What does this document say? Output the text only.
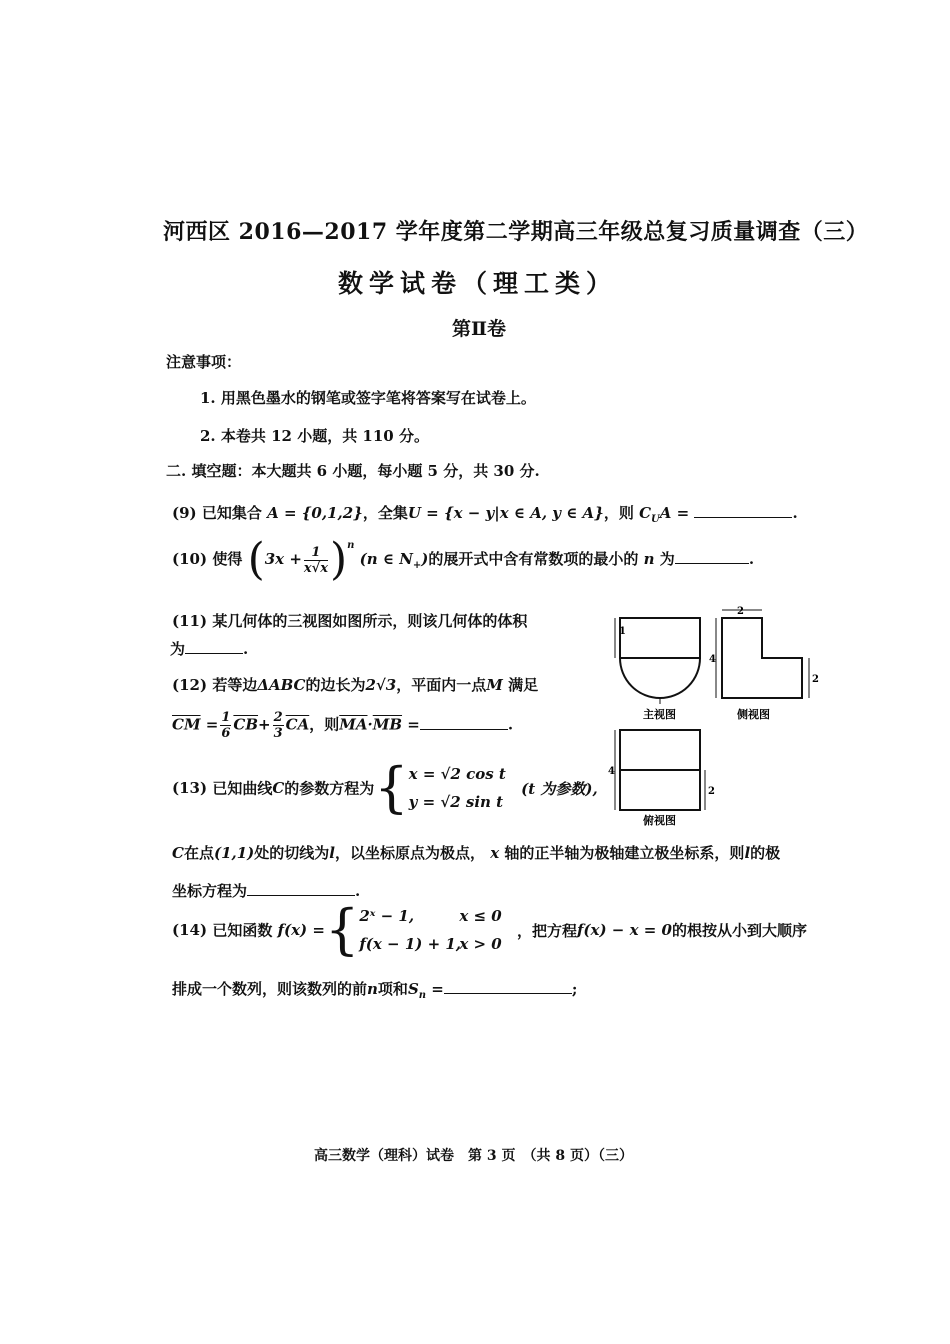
河西区 2016—2017 学年度第二学期高三年级总复习质量调查（三）
数学试卷（理工类）
第Ⅱ卷
注意事项：
1. 用黑色墨水的钢笔或签字笔将答案写在试卷上。
2. 本卷共 12 小题，共 110 分。
二. 填空题：本大题共 6 小题，每小题 5 分，共 30 分.
(9) 已知集合 A = {0,1,2}，全集U = {x − y|x ∈ A, y ∈ A}，则 $C_UA$ =	.
(10) 使得 $(3x + \frac{1}{x√x} )^n$ (n ∈ $N_+$)的展开式中含有常数项的最小的 n 为	.
(11) 某几何体的三视图如图所示，则该几何体的体积
为	.
(12) 若等边ΔABC的边长为2√3，平面内一点M 满足
$\overline{CM} = \frac{1}{6} \overline{CB}+ \frac{2}{3} \overline{CA}$，则$\overline{MA}\cdot\overline{MB}$ =	.
(13) 已知曲线C的参数方程为{ x = √2 cos t
y = √2 sin t
(t 为参数),
C在点(1,1)处的切线为l，以坐标原点为极点， x 轴的正半轴为极轴建立极坐标系，则l的极
坐标方程为	.
(14) 已知函数 f(x) ={ 2ˣ − 1,	x ≤ 0
f(x − 1) + 1,x > 0
，把方程f(x) − x = 0的根按从小到大顺序
排成一个数列，则该数列的前n项和$S_n$ =	;
主视图
2
4
2
1
侧视图
4
2
俯视图
高三数学（理科）试卷　第 3 页　（共 8 页）（三）
